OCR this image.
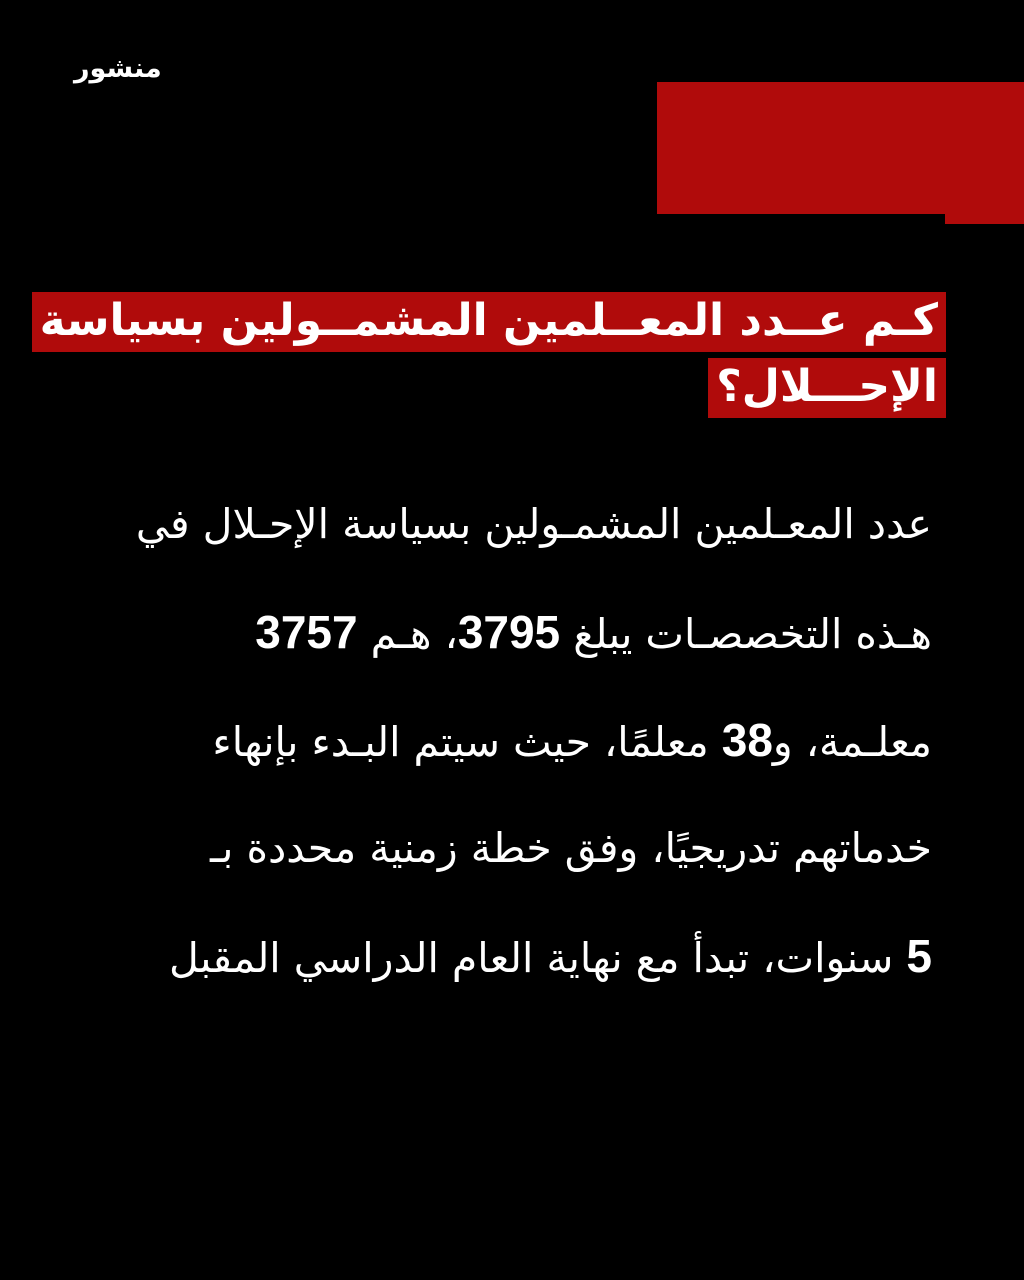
منشور
كـم عــدد المعــلمين المشمــولين بسياسة
الإحـــلال؟
عدد المعـلمين المشمـولين بسياسة الإحـلال في
هـذه التخصصـات يبلغ 3795، هـم 3757
معلـمة، و38 معلمًا، حيث سيتم البـدء بإنهاء
خدماتهم تدريجيًا، وفق خطة زمنية محددة بـ
5 سنوات، تبدأ مع نهاية العام الدراسي المقبل
